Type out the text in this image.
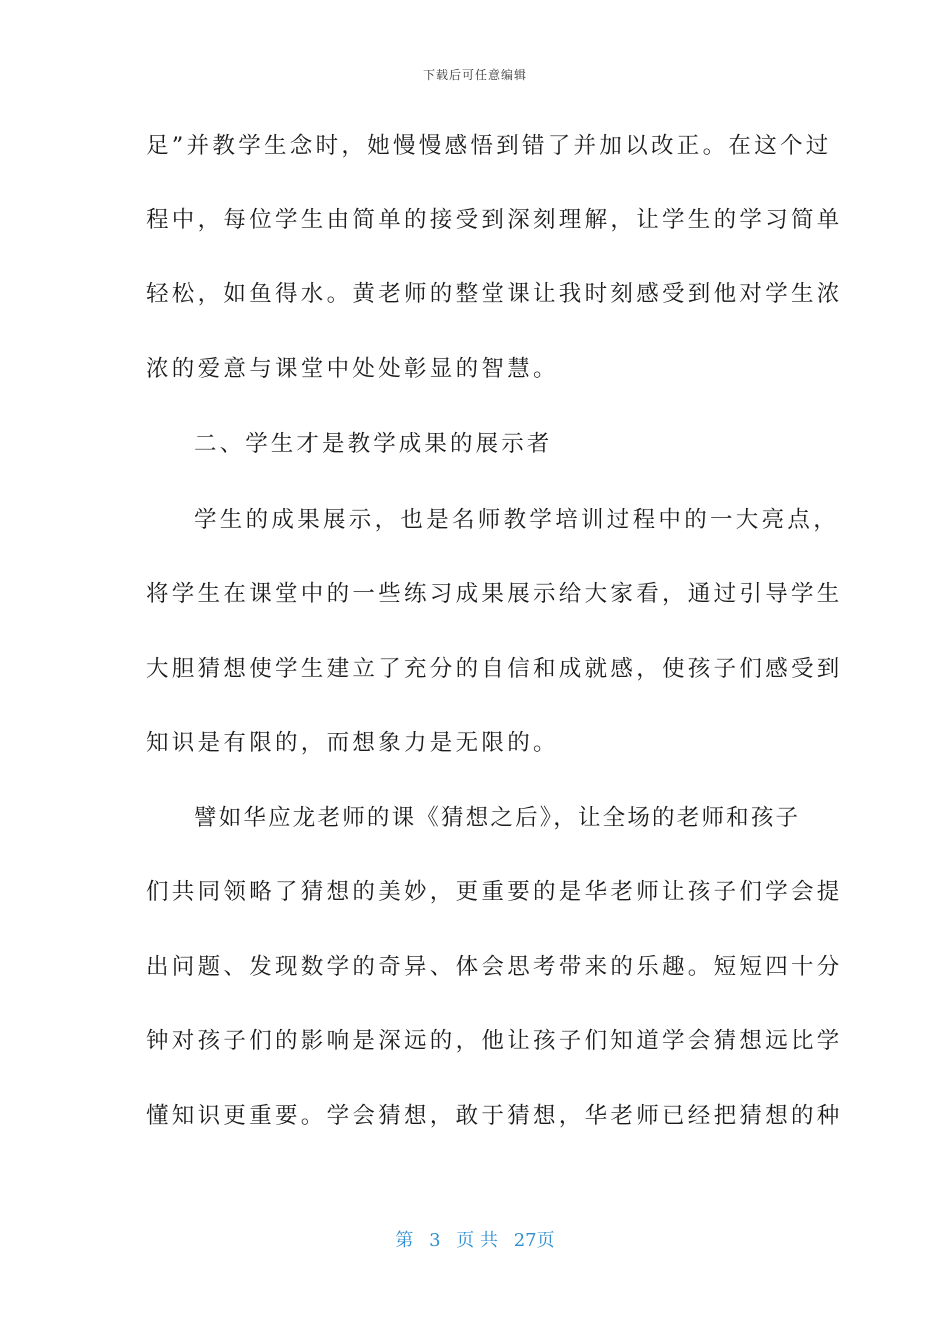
下载后可任意编辑
足”并教学生念时，她慢慢感悟到错了并加以改正。在这个过
程中，每位学生由简单的接受到深刻理解，让学生的学习简单
轻松，如鱼得水。黄老师的整堂课让我时刻感受到他对学生浓
浓的爱意与课堂中处处彰显的智慧。
二、学生才是教学成果的展示者
学生的成果展示，也是名师教学培训过程中的一大亮点，
将学生在课堂中的一些练习成果展示给大家看，通过引导学生
大胆猜想使学生建立了充分的自信和成就感，使孩子们感受到
知识是有限的，而想象力是无限的。
譬如华应龙老师的课《猜想之后》，让全场的老师和孩子
们共同领略了猜想的美妙，更重要的是华老师让孩子们学会提
出问题、发现数学的奇异、体会思考带来的乐趣。短短四十分
钟对孩子们的影响是深远的，他让孩子们知道学会猜想远比学
懂知识更重要。学会猜想，敢于猜想，华老师已经把猜想的种
第 3 页 共 27页
